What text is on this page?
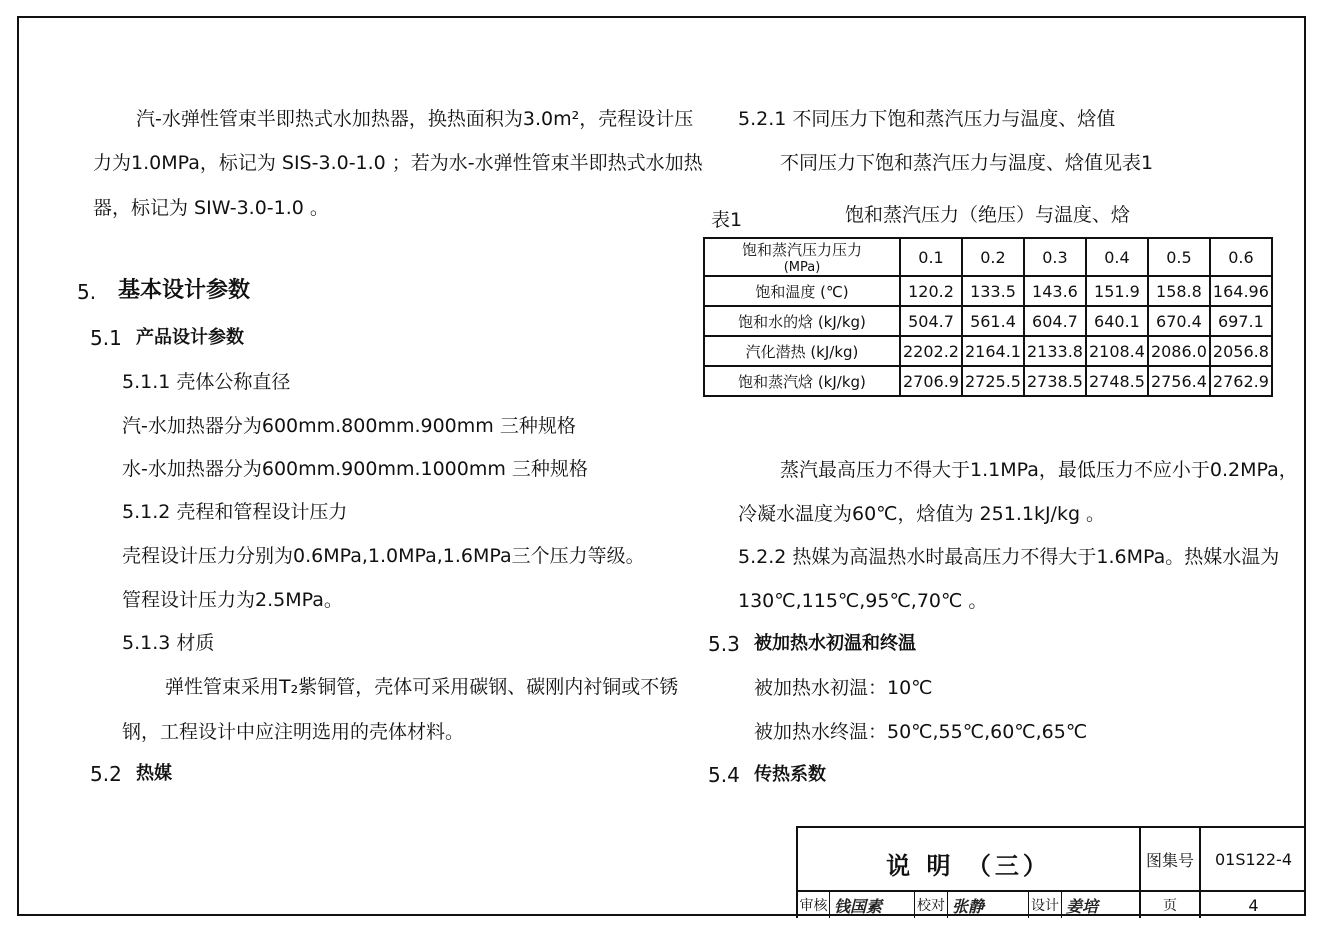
汽-水弹性管束半即热式水加热器，换热面积为3.0m²，壳程设计压
力为1.0MPa，标记为 SIS-3.0-1.0 ；若为水-水弹性管束半即热式水加热
器，标记为 SIW-3.0-1.0 。
5. 基本设计参数
5.1 产品设计参数
5.1.1 壳体公称直径
汽-水加热器分为600mm.800mm.900mm 三种规格
水-水加热器分为600mm.900mm.1000mm 三种规格
5.1.2 壳程和管程设计压力
壳程设计压力分别为0.6MPa,1.0MPa,1.6MPa三个压力等级。
管程设计压力为2.5MPa。
5.1.3 材质
弹性管束采用T₂紫铜管，壳体可采用碳钢、碳刚内衬铜或不锈
钢，工程设计中应注明选用的壳体材料。
5.2 热媒
5.2.1 不同压力下饱和蒸汽压力与温度、焓值
不同压力下饱和蒸汽压力与温度、焓值见表1
表1	饱和蒸汽压力（绝压）与温度、焓
饱和蒸汽压力压力
(MPa)	0.1	0.2	0.3	0.4	0.5	0.6
饱和温度 (℃)	120.2	133.5	143.6	151.9	158.8	164.96
饱和水的焓 (kJ/kg)	504.7	561.4	604.7	640.1	670.4	697.1
汽化潜热 (kJ/kg)	2202.2	2164.1	2133.8	2108.4	2086.0	2056.8
饱和蒸汽焓 (kJ/kg)	2706.9	2725.5	2738.5	2748.5	2756.4	2762.9
蒸汽最高压力不得大于1.1MPa，最低压力不应小于0.2MPa，
冷凝水温度为60℃，焓值为 251.1kJ/kg 。
5.2.2 热媒为高温热水时最高压力不得大于1.6MPa。热媒水温为
130℃,115℃,95℃,70℃ 。
5.3 被加热水初温和终温
被加热水初温：10℃
被加热水终温：50℃,55℃,60℃,65℃
5.4 传热系数
说 明 （三）	图集号	01S122-4
审核 钱国素	校对 张静	设计 姜培	页	4
